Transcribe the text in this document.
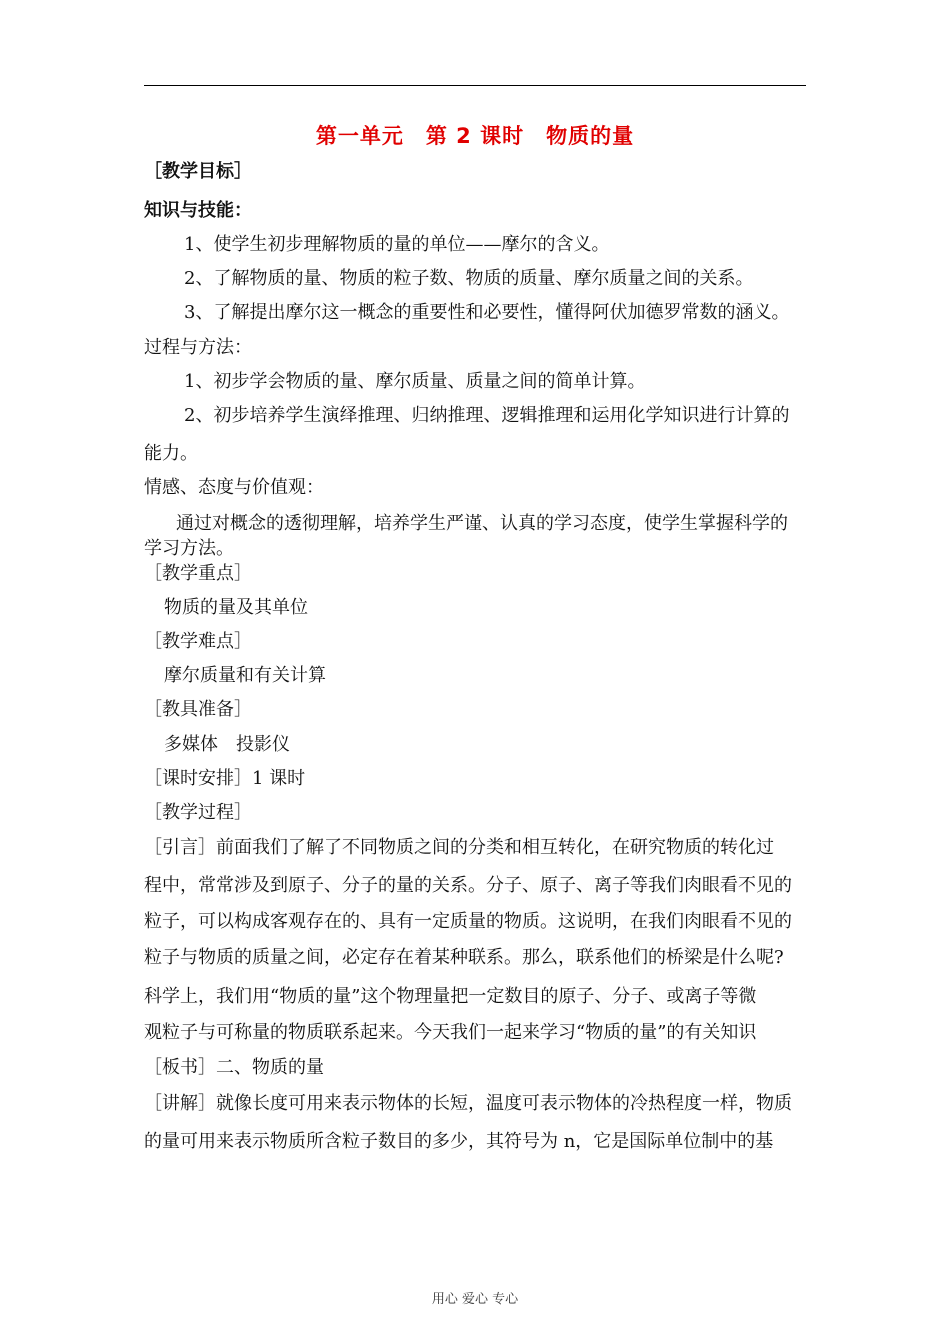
第一单元　第 2 课时　物质的量
［教学目标］
知识与技能：
1、使学生初步理解物质的量的单位——摩尔的含义。
2、了解物质的量、物质的粒子数、物质的质量、摩尔质量之间的关系。
3、了解提出摩尔这一概念的重要性和必要性，懂得阿伏加德罗常数的涵义。
过程与方法：
1、初步学会物质的量、摩尔质量、质量之间的简单计算。
2、初步培养学生演绎推理、归纳推理、逻辑推理和运用化学知识进行计算的
能力。
情感、态度与价值观：
通过对概念的透彻理解，培养学生严谨、认真的学习态度，使学生掌握科学的
学习方法。
［教学重点］
物质的量及其单位
［教学难点］
摩尔质量和有关计算
［教具准备］
多媒体　投影仪
［课时安排］1 课时
［教学过程］
［引言］前面我们了解了不同物质之间的分类和相互转化，在研究物质的转化过
程中，常常涉及到原子、分子的量的关系。分子、原子、离子等我们肉眼看不见的
粒子，可以构成客观存在的、具有一定质量的物质。这说明，在我们肉眼看不见的
粒子与物质的质量之间，必定存在着某种联系。那么，联系他们的桥梁是什么呢?
科学上，我们用“物质的量”这个物理量把一定数目的原子、分子、或离子等微
观粒子与可称量的物质联系起来。今天我们一起来学习“物质的量”的有关知识
［板书］二、物质的量
［讲解］就像长度可用来表示物体的长短，温度可表示物体的冷热程度一样，物质
的量可用来表示物质所含粒子数目的多少，其符号为 n，它是国际单位制中的基
用心 爱心 专心
